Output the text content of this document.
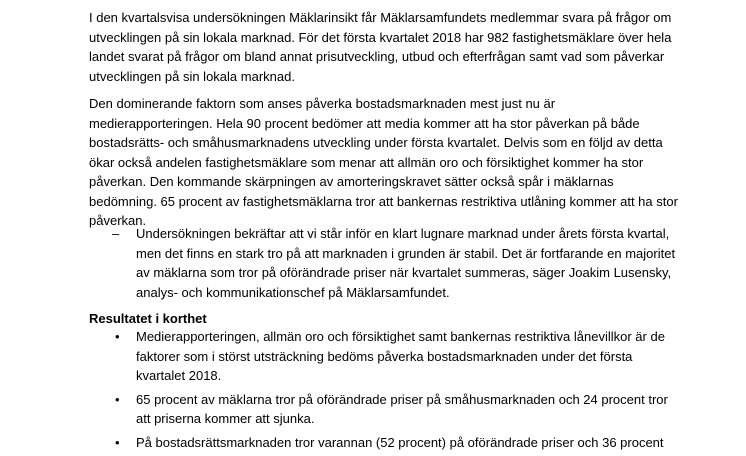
I den kvartalsvisa undersökningen Mäklarinsikt får Mäklarsamfundets medlemmar svara på frågor om
utvecklingen på sin lokala marknad. För det första kvartalet 2018 har 982 fastighetsmäklare över hela
landet svarat på frågor om bland annat prisutveckling, utbud och efterfrågan samt vad som påverkar
utvecklingen på sin lokala marknad.

Den dominerande faktorn som anses påverka bostadsmarknaden mest just nu är
medierapporteringen. Hela 90 procent bedömer att media kommer att ha stor påverkan på både
bostadsrätts- och småhusmarknadens utveckling under första kvartalet. Delvis som en följd av detta
ökar också andelen fastighetsmäklare som menar att allmän oro och försiktighet kommer ha stor
påverkan. Den kommande skärpningen av amorteringskravet sätter också spår i mäklarnas
bedömning. 65 procent av fastighetsmäklarna tror att bankernas restriktiva utlåning kommer att ha stor
påverkan.

– Undersökningen bekräftar att vi står inför en klart lugnare marknad under årets första kvartal,
men det finns en stark tro på att marknaden i grunden är stabil. Det är fortfarande en majoritet
av mäklarna som tror på oförändrade priser när kvartalet summeras, säger Joakim Lusensky,
analys- och kommunikationschef på Mäklarsamfundet.
Resultatet i korthet
• Medierapporteringen, allmän oro och försiktighet samt bankernas restriktiva lånevillkor är de
faktorer som i störst utsträckning bedöms påverka bostadsmarknaden under det första
kvartalet 2018.
• 65 procent av mäklarna tror på oförändrade priser på småhusmarknaden och 24 procent tror
att priserna kommer att sjunka.
• På bostadsrättsmarknaden tror varannan (52 procent) på oförändrade priser och 36 procent
